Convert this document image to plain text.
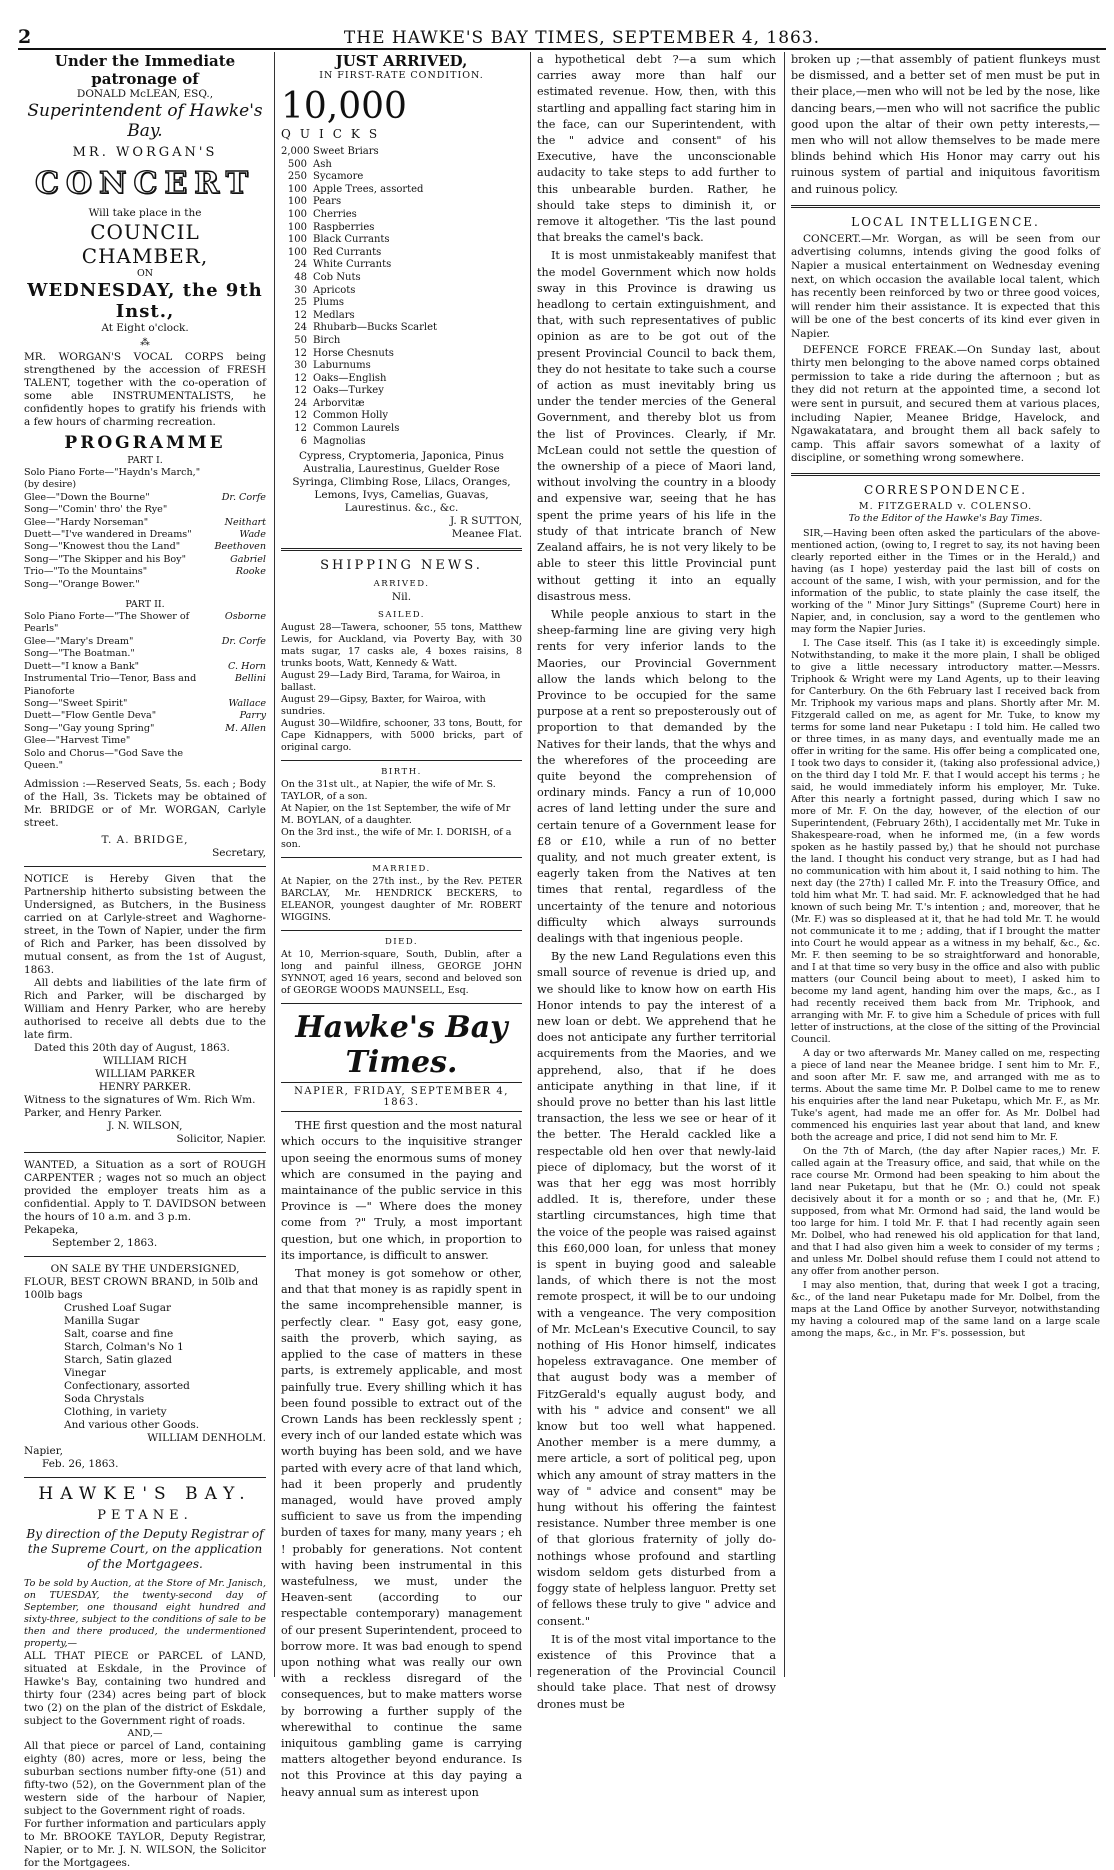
2	THE HAWKE'S BAY TIMES, SEPTEMBER 4, 1863.
Under the Immediate patronage of
DONALD McLEAN, ESQ.,
Superintendent of Hawke's Bay.
MR. WORGAN'S
CONCERT
Will take place in the
COUNCIL CHAMBER,
ON
WEDNESDAY, the 9th Inst.,
At Eight o'clock.
⁂
MR. WORGAN'S VOCAL CORPS being strengthened by the accession of FRESH TALENT, together with the co-operation of some able INSTRUMENTALISTS, he confidently hopes to gratify his friends with a few hours of charming recreation.
PROGRAMME
PART I.
Solo Piano Forte—"Haydn's March," (by desire)	
Glee—"Down the Bourne"	Dr. Corfe
Song—"Comin' thro' the Rye"	
Glee—"Hardy Norseman"	Neithart
Duett—"I've wandered in Dreams"	Wade
Song—"Knowest thou the Land"	Beethoven
Song—"The Skipper and his Boy"	Gabriel
Trio—"To the Mountains"	Rooke
Song—"Orange Bower."	
PART II.
Solo Piano Forte—"The Shower of Pearls"	Osborne
Glee—"Mary's Dream"	Dr. Corfe
Song—"The Boatman."	
Duett—"I know a Bank"	C. Horn
Instrumental Trio—Tenor, Bass and Pianoforte	Bellini
Song—"Sweet Spirit"	Wallace
Duett—"Flow Gentle Deva"	Parry
Song—"Gay young Spring"	M. Allen
Glee—"Harvest Time"	
Solo and Chorus—"God Save the Queen."	
Admission :—Reserved Seats, 5s. each ; Body of the Hall, 3s. Tickets may be obtained of Mr. BRIDGE or of Mr. WORGAN, Carlyle street.
T. A. BRIDGE,
Secretary,
NOTICE is Hereby Given that the Partnership hitherto subsisting between the Undersigned, as Butchers, in the Business carried on at Carlyle-street and Waghorne-street, in the Town of Napier, under the firm of Rich and Parker, has been dissolved by mutual consent, as from the 1st of August, 1863.
All debts and liabilities of the late firm of Rich and Parker, will be discharged by William and Henry Parker, who are hereby authorised to receive all debts due to the late firm.
Dated this 20th day of August, 1863.
WILLIAM RICH
WILLIAM PARKER
HENRY PARKER.
Witness to the signatures of Wm. Rich Wm. Parker, and Henry Parker.
J. N. WILSON,
Solicitor, Napier.
WANTED, a Situation as a sort of ROUGH CARPENTER ; wages not so much an object provided the employer treats him as a confidential. Apply to T. DAVIDSON between the hours of 10 a.m. and 3 p.m.
Pekapeka,
September 2, 1863.
ON SALE BY THE UNDERSIGNED,
FLOUR, BEST CROWN BRAND, in 50lb and 100lb bags
Crushed Loaf Sugar
Manilla Sugar
Salt, coarse and fine
Starch, Colman's No 1
Starch, Satin glazed
Vinegar
Confectionary, assorted
Soda Chrystals
Clothing, in variety
And various other Goods.
WILLIAM DENHOLM.
Napier,
Feb. 26, 1863.
HAWKE'S BAY.
PETANE.
By direction of the Deputy Registrar of the Supreme Court, on the application of the Mortgagees.
To be sold by Auction, at the Store of Mr. Janisch, on TUESDAY, the twenty-second day of September, one thousand eight hundred and sixty-three, subject to the conditions of sale to be then and there produced, the undermentioned property,—
ALL THAT PIECE or PARCEL of LAND, situated at Eskdale, in the Province of Hawke's Bay, containing two hundred and thirty four (234) acres being part of block two (2) on the plan of the district of Eskdale, subject to the Government right of roads.
AND,—
All that piece or parcel of Land, containing eighty (80) acres, more or less, being the suburban sections number fifty-one (51) and fifty-two (52), on the Government plan of the western side of the harbour of Napier, subject to the Government right of roads.
For further information and particulars apply to Mr. BROOKE TAYLOR, Deputy Registrar, Napier, or to Mr. J. N. WILSON, the Solicitor for the Mortgagees.
JUST ARRIVED,
IN FIRST-RATE CONDITION.
10,000 $^{QUICKS}$
2,000 Sweet Briars
500 Ash
250 Sycamore
100 Apple Trees, assorted
100 Pears
100 Cherries
100 Raspberries
100 Black Currants
100 Red Currants
24 White Currants
48 Cob Nuts
30 Apricots
25 Plums
12 Medlars
24 Rhubarb—Bucks Scarlet
50 Birch
12 Horse Chesnuts
30 Laburnums
12 Oaks—English
12 Oaks—Turkey
24 Arborvitæ
12 Common Holly
12 Common Laurels
6 Magnolias
Cypress, Cryptomeria, Japonica, Pinus Australia, Laurestinus, Guelder Rose Syringa, Climbing Rose, Lilacs, Oranges, Lemons, Ivys, Camelias, Guavas, Laurestinus. &c., &c.
J. R SUTTON,
Meanee Flat.
SHIPPING NEWS.
ARRIVED.
Nil.
SAILED.
August 28—Tawera, schooner, 55 tons, Matthew Lewis, for Auckland, via Poverty Bay, with 30 mats sugar, 17 casks ale, 4 boxes raisins, 8 trunks boots, Watt, Kennedy & Watt.
August 29—Lady Bird, Tarama, for Wairoa, in ballast.
August 29—Gipsy, Baxter, for Wairoa, with sundries.
August 30—Wildfire, schooner, 33 tons, Boutt, for Cape Kidnappers, with 5000 bricks, part of original cargo.
BIRTH.
On the 31st ult., at Napier, the wife of Mr. S. TAYLOR, of a son.
At Napier, on the 1st September, the wife of Mr M. BOYLAN, of a daughter.
On the 3rd inst., the wife of Mr. I. DORISH, of a son.
MARRIED.
At Napier, on the 27th inst., by the Rev. PETER BARCLAY, Mr. HENDRICK BECKERS, to ELEANOR, youngest daughter of Mr. ROBERT WIGGINS.
DIED.
At 10, Merrion-square, South, Dublin, after a long and painful illness, GEORGE JOHN SYNNOT, aged 16 years, second and beloved son of GEORGE WOODS MAUNSELL, Esq.
Hawke's Bay Times.
NAPIER, FRIDAY, SEPTEMBER 4, 1863.

THE first question and the most natural which occurs to the inquisitive stranger upon seeing the enormous sums of money which are consumed in the paying and maintainance of the public service in this Province is —" Where does the money come from ?" Truly, a most important question, but one which, in proportion to its importance, is difficult to answer.

That money is got somehow or other, and that that money is as rapidly spent in the same incomprehensible manner, is perfectly clear. " Easy got, easy gone, saith the proverb, which saying, as applied to the case of matters in these parts, is extremely applicable, and most painfully true. Every shilling which it has been found possible to extract out of the Crown Lands has been recklessly spent ; every inch of our landed estate which was worth buying has been sold, and we have parted with every acre of that land which, had it been properly and prudently managed, would have proved amply sufficient to save us from the impending burden of taxes for many, many years ; eh ! probably for generations. Not content with having been instrumental in this wastefulness, we must, under the Heaven-sent (according to our respectable contemporary) management of our present Superintendent, proceed to borrow more. It was bad enough to spend upon nothing what was really our own with a reckless disregard of the consequences, but to make matters worse by borrowing a further supply of the wherewithal to continue the same iniquitous gambling game is carrying matters altogether beyond endurance. Is not this Province at this day paying a heavy annual sum as interest upon

a hypothetical debt ?—a sum which carries away more than half our estimated revenue. How, then, with this startling and appalling fact staring him in the face, can our Superintendent, with the " advice and consent" of his Executive, have the unconscionable audacity to take steps to add further to this unbearable burden. Rather, he should take steps to diminish it, or remove it altogether. 'Tis the last pound that breaks the camel's back.

It is most unmistakeably manifest that the model Government which now holds sway in this Province is drawing us headlong to certain extinguishment, and that, with such representatives of public opinion as are to be got out of the present Provincial Council to back them, they do not hesitate to take such a course of action as must inevitably bring us under the tender mercies of the General Government, and thereby blot us from the list of Provinces. Clearly, if Mr. McLean could not settle the question of the ownership of a piece of Maori land, without involving the country in a bloody and expensive war, seeing that he has spent the prime years of his life in the study of that intricate branch of New Zealand affairs, he is not very likely to be able to steer this little Provincial punt without getting it into an equally disastrous mess.

While people anxious to start in the sheep-farming line are giving very high rents for very inferior lands to the Maories, our Provincial Government allow the lands which belong to the Province to be occupied for the same purpose at a rent so preposterously out of proportion to that demanded by the Natives for their lands, that the whys and the wherefores of the proceeding are quite beyond the comprehension of ordinary minds. Fancy a run of 10,000 acres of land letting under the sure and certain tenure of a Government lease for £8 or £10, while a run of no better quality, and not much greater extent, is eagerly taken from the Natives at ten times that rental, regardless of the uncertainty of the tenure and notorious difficulty which always surrounds dealings with that ingenious people.

By the new Land Regulations even this small source of revenue is dried up, and we should like to know how on earth His Honor intends to pay the interest of a new loan or debt. We apprehend that he does not anticipate any further territorial acquirements from the Maories, and we apprehend, also, that if he does anticipate anything in that line, if it should prove no better than his last little transaction, the less we see or hear of it the better. The Herald cackled like a respectable old hen over that newly-laid piece of diplomacy, but the worst of it was that her egg was most horribly addled. It is, therefore, under these startling circumstances, high time that the voice of the people was raised against this £60,000 loan, for unless that money is spent in buying good and saleable lands, of which there is not the most remote prospect, it will be to our undoing with a vengeance. The very composition of Mr. McLean's Executive Council, to say nothing of His Honor himself, indicates hopeless extravagance. One member of that august body was a member of FitzGerald's equally august body, and with his " advice and consent" we all know but too well what happened. Another member is a mere dummy, a mere article, a sort of political peg, upon which any amount of stray matters in the way of " advice and consent" may be hung without his offering the faintest resistance. Number three member is one of that glorious fraternity of jolly do-nothings whose profound and startling wisdom seldom gets disturbed from a foggy state of helpless languor. Pretty set of fellows these truly to give " advice and consent."

It is of the most vital importance to the existence of this Province that a regeneration of the Provincial Council should take place. That nest of drowsy drones must be

broken up ;—that assembly of patient flunkeys must be dismissed, and a better set of men must be put in their place,—men who will not be led by the nose, like dancing bears,—men who will not sacrifice the public good upon the altar of their own petty interests,—men who will not allow themselves to be made mere blinds behind which His Honor may carry out his ruinous system of partial and iniquitous favoritism and ruinous policy.

LOCAL INTELLIGENCE.

CONCERT.—Mr. Worgan, as will be seen from our advertising columns, intends giving the good folks of Napier a musical entertainment on Wednesday evening next, on which occasion the available local talent, which has recently been reinforced by two or three good voices, will render him their assistance. It is expected that this will be one of the best concerts of its kind ever given in Napier.

DEFENCE FORCE FREAK.—On Sunday last, about thirty men belonging to the above named corps obtained permission to take a ride during the afternoon ; but as they did not return at the appointed time, a second lot were sent in pursuit, and secured them at various places, including Napier, Meanee Bridge, Havelock, and Ngawakatatara, and brought them all back safely to camp. This affair savors somewhat of a laxity of discipline, or something wrong somewhere.

CORRESPONDENCE.
M. FITZGERALD v. COLENSO.
To the Editor of the Hawke's Bay Times.
SIR,—Having been often asked the particulars of the above-mentioned action, (owing to, I regret to say, its not having been clearly reported either in the Times or in the Herald,) and having (as I hope) yesterday paid the last bill of costs on account of the same, I wish, with your permission, and for the information of the public, to state plainly the case itself, the working of the " Minor Jury Sittings" (Supreme Court) here in Napier, and, in conclusion, say a word to the gentlemen who may form the Napier Juries.
I. The Case itself. This (as I take it) is exceedingly simple. Notwithstanding, to make it the more plain, I shall be obliged to give a little necessary introductory matter.—Messrs. Triphook & Wright were my Land Agents, up to their leaving for Canterbury. On the 6th February last I received back from Mr. Triphook my various maps and plans. Shortly after Mr. M. Fitzgerald called on me, as agent for Mr. Tuke, to know my terms for some land near Puketapu : I told him. He called two or three times, in as many days, and eventually made me an offer in writing for the same. His offer being a complicated one, I took two days to consider it, (taking also professional advice,) on the third day I told Mr. F. that I would accept his terms ; he said, he would immediately inform his employer, Mr. Tuke. After this nearly a fortnight passed, during which I saw no more of Mr. F. On the day, however, of the election of our Superintendent, (February 26th), I accidentally met Mr. Tuke in Shakespeare-road, when he informed me, (in a few words spoken as he hastily passed by,) that he should not purchase the land. I thought his conduct very strange, but as I had had no communication with him about it, I said nothing to him. The next day (the 27th) I called Mr. F. into the Treasury Office, and told him what Mr. T. had said. Mr. F. acknowledged that he had known of such being Mr. T.'s intention ; and, moreover, that he (Mr. F.) was so displeased at it, that he had told Mr. T. he would not communicate it to me ; adding, that if I brought the matter into Court he would appear as a witness in my behalf, &c., &c. Mr. F. then seeming to be so straightforward and honorable, and I at that time so very busy in the office and also with public matters (our Council being about to meet), I asked him to become my land agent, handing him over the maps, &c., as I had recently received them back from Mr. Triphook, and arranging with Mr. F. to give him a Schedule of prices with full letter of instructions, at the close of the sitting of the Provincial Council.
A day or two afterwards Mr. Maney called on me, respecting a piece of land near the Meanee bridge. I sent him to Mr. F., and soon after Mr. F. saw me, and arranged with me as to terms. About the same time Mr. P. Dolbel came to me to renew his enquiries after the land near Puketapu, which Mr. F., as Mr. Tuke's agent, had made me an offer for. As Mr. Dolbel had commenced his enquiries last year about that land, and knew both the acreage and price, I did not send him to Mr. F.
On the 7th of March, (the day after Napier races,) Mr. F. called again at the Treasury office, and said, that while on the race course Mr. Ormond had been speaking to him about the land near Puketapu, but that he (Mr. O.) could not speak decisively about it for a month or so ; and that he, (Mr. F.) supposed, from what Mr. Ormond had said, the land would be too large for him. I told Mr. F. that I had recently again seen Mr. Dolbel, who had renewed his old application for that land, and that I had also given him a week to consider of my terms ; and unless Mr. Dolbel should refuse them I could not attend to any offer from another person.
I may also mention, that, during that week I got a tracing, &c., of the land near Puketapu made for Mr. Dolbel, from the maps at the Land Office by another Surveyor, notwithstanding my having a coloured map of the same land on a large scale among the maps, &c., in Mr. F's. possession, but
